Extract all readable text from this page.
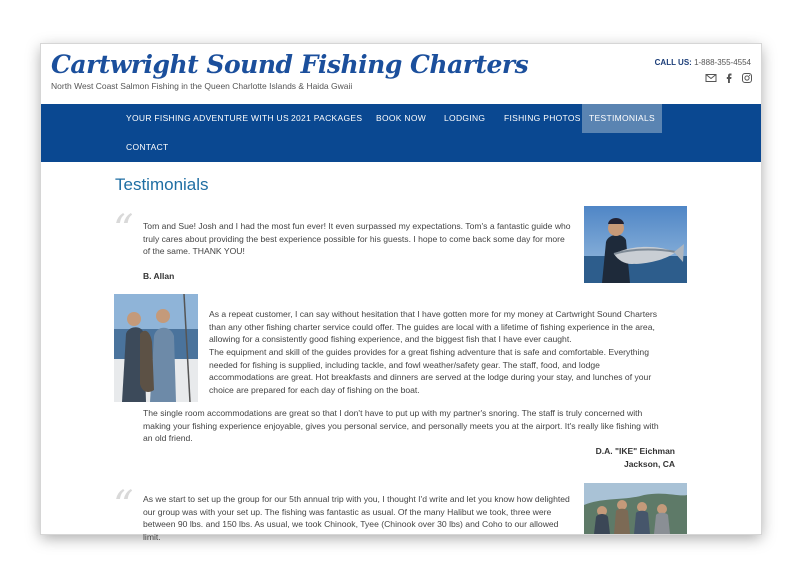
Cartwright Sound Fishing Charters
North West Coast Salmon Fishing in the Queen Charlotte Islands & Haida Gwaii
CALL US: 1-888-355-4554
YOUR FISHING ADVENTURE WITH US 2021 PACKAGES	BOOK NOW	LODGING	FISHING PHOTOS TESTIMONIALS
CONTACT
Testimonials
“ Tom and Sue! Josh and I had the most fun ever! It even surpassed my expectations. Tom's a fantastic guide who truly cares about providing the best experience possible for his guests. I hope to come back some day for more of the same. THANK YOU!
B. Allan
As a repeat customer, I can say without hesitation that I have gotten more for my money at Cartwright Sound Charters than any other fishing charter service could offer. The guides are local with a lifetime of fishing experience in the area, allowing for a consistently good fishing experience, and the biggest fish that I have ever caught.
The equipment and skill of the guides provides for a great fishing adventure that is safe and comfortable. Everything needed for fishing is supplied, including tackle, and fowl weather/safety gear. The staff, food, and lodge accommodations are great. Hot breakfasts and dinners are served at the lodge during your stay, and lunches of your choice are prepared for each day of fishing on the boat.
The single room accommodations are great so that I don't have to put up with my partner's snoring. The staff is truly concerned with making your fishing experience enjoyable, gives you personal service, and personally meets you at the airport. It's really like fishing with an old friend.
D.A. "IKE" Eichman
Jackson, CA
“ As we start to set up the group for our 5th annual trip with you, I thought I'd write and let you know how delighted our group was with your set up. The fishing was fantastic as usual. Of the many Halibut we took, three were between 90 lbs. and 150 lbs. As usual, we took Chinook, Tyee (Chinook over 30 lbs) and Coho to our allowed limit.
